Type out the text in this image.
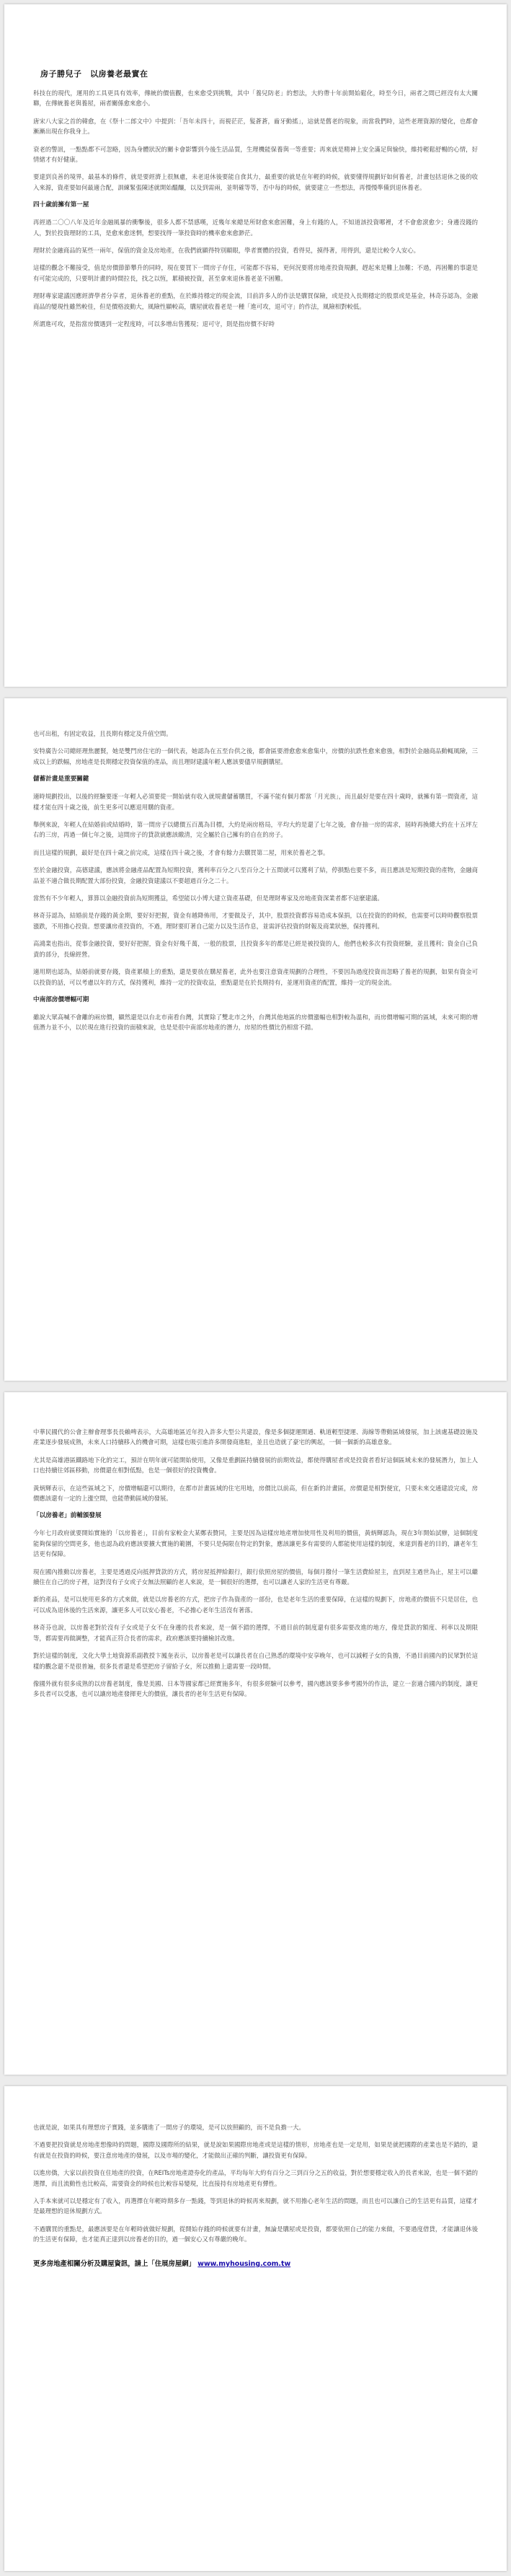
房子勝兒子　以房養老最實在
科技在的現代，運用的工具更具有效率，傳統的價值觀，也來愈受到挑戰，其中「養兒防老」的想法，大約帶十年前開始鬆化，時至今日，兩者之間已經沒有太大關聯，在傳統養老與養屋，兩者關係愈來愈小。
唐宋八大家之首的韓愈，在《祭十二郎文中》中提到：「吾年未四十，而視茫茫，髮蒼蒼，齒牙動搖」，這就是舊老的現象，而當我們時，這些老理資源的變化，也都會漸漸出現在你我身上。
衰老的警訊，一點點都不可忽略，因為身體狀況的關卡會影響到今後生活品質，生理機能保養與一等重要；再來就是精神上安全滿足與愉快，維持輕鬆舒暢的心情，好情緒才有好健康。
要達到良善的境界，最基本的條件，就是要經濟上很無慮，未老退休後要能自食其力，最重要的就是在年輕的時候，就要懂得規劃好如何養老，計畫包括退休之後的收入來源，資產要如何最適合配，訓練緊張陳述就開始醞釀，以及到需兩，並明確等等，否中每的時候，就要建立一些想法，再慢慢準備到退休養老。
四十歲前擁有第一屋
再經過二〇〇八年及近年金融風暴的衝擊後，很多人都不禁感嘆，近幾年來總是所財愈來愈困難，身上有錢的人，不知道該投資哪裡，才不會愈滾愈少；身邊沒錢的人，對於投資理財的工具，是愈來愈迷惘，想要找得一筆投資時的機率愈來愈渺茫。
理財於金融商品的某些一兩年，保值的資金及房地產，在我們就顯得特別顯眼，學者實體的投資，看得見，摸得著，用得到，還是比較令人安心。
這樣的觀念不難接受，值是房價節節攀升的同時，現在要買下一間房子存住，可能都不容易，更何況要將房地產投資規劃，趕起來是難上加難；不過，再困難的事還是有可能完成的，只要明計畫的時間拉長，找之以恆，累積被投資，甚至拿來退休養老並不困難。
理財專家建議因應經濟學者分享者，退休養老的重點，在於維持穩定的現金流，目前許多人的作法是購買保險，或是投入長期穩定的股票或是基金，林奇芬認為，金融商品的變現性雖然較佳，但是價格波動大，風險性顯較高，購屋就收養老是一種「進可攻，退可守」的作法，風險相對較低。
所謂進可攻，是指當房價遇到一定程度時，可以多增出售獲現；退可守，則是指房價不好時
也可出租，有固定收益，且長期有穩定及升值空間。
安特廣告公司總經理焦麗賢，她是雙門房住宅的一個代表，她認為在五至台供之後，都會區要滑愈愈來愈集中，房價的抗跌性愈來愈強，相對於金融商品動輒風險，三成以上的跌幅，房地產是長期穩定投資保值的產品，而且理財建議年輕人應該要儘早規劃購屋。
儲蓄計畫是重要關鍵
適時規劃投出，以後的經驗要逐一年輕人必須要從一開始就有收入就規畫儲蓄購買，不滿不能有個月都當「月光族」，而且最好是要在四十歲時，就擁有第一間資產，這樣才能在四十歲之後，前生更多可以應退用購的資產。
舉例來說，年輕人在結婚前或結婚時，第一間房子以總價五百萬為目標，大約是兩房格局，平均大約是還了七年之後，會存抽一房的需求，屆時再換總大約在十五坪左右的三房，再過一個七年之後，這間房子的貸款就應該繳清，完全屬於自己擁有的自在的房子。
而且這樣的規劃，最好是在四十歲之前完成，這樣在四十歲之後，才會有餘力去購買第二屋，用來於養老之事。
至於金融投資，高德建議，應該將金融產品配置為短期投資，獲利率百分之八至百分之十五間就可以獲利了結，停損點也要不多，而且應該是短期投資的產物，金融商品並不適合做長期配置大部份投資，金融投資建議以不要超過百分之二十。
當然有不少年輕人，算算以金融投資前為短期獲益，希望能以小博大建立資產基礎，但是理財專家及房地產資深業者都不這麼建議。
林奇芬認為，結婚前是存錢的黃金期，要好好把握，資金有越降佈用，才要做及子，其中，股票投資都容易造成本保捐，以在投資的的時候，也需要可以時時觀察股票漲跌，不用擔心投資。想要讓房產投資的，不過，理財要盯著自己能力以及生活作息，並需評估投資的財報及商業狀態，保持獲利。
高鴻業也指出，從事金融投資，要好好把握，資金有好幾千萬，一般的股票，且投資多年的都是已經是被投資的人，他們也較多次有投資經驗，並且獲利；資金自己負責的部分，長線經營。
適用期也認為，結婚前就要存錢，資產累積上的重點，還是要放在購屋養老，此外也要注意資產規劃的合理性，不要因為過度投資而忽略了養老的規劃，如果有資金可以投資的話，可以考慮以年的方式，保持獲利，維持一定的投資收益，重點還是在於長期持有，並運用資產的配置，維持一定的現金流。
中南部房價增幅可期
雖說大眾高喊不會離的兩房價，顯然還是以台北市南看台灣，其實除了雙北市之外，台灣其他地區的房價漲幅也相對較為溫和，而房價增幅可期的區域，未來可期的增值潛力並不小，以於現在進行投資的面積來說，也是是很中南部房地產的潛力，房屋的性價比仍相當不錯。
中華民國代的公會主辦會理事長長賴啤表示，大高雄地區近年投入許多大型公共建設，像是多個捷運開通、軌道輕型捷運、海線等帶動區域發展，加上該處基礎設施及產業逐步發展成熟，未來人口持續移入的機會可期，這樣也吸引進許多開發商進駐，並且也造就了豪宅的興起，一個一個新的高雄意象。
尤其是高雄港區鐵路地下化的完工，預計在明年就可能開始使用，又像是重劃區持續發展的前期效益，都使得購屋者或是投資者看好這個區域未來的發展潛力，加上人口也持續往郊區移動，房價還在相對低點，也是一個很好的投資機會。
黃炳輝表示，在這些區域之下，房價增幅還可以期待，在都市計畫區域的住宅用地，房價比以前高，但在新的計畫區，房價還是相對便宜，只要未來交通建設完成，房價應該還有一定的上漲空間，也能帶動區域的發展。
「以房養老」前輔頒發展
今年七月政府就要開始實施的「以房養老」，目前有家較金大某鄭表贊同，主要是因為這樣房地產增加使用性及利用的價值，黃炳輝認為，現在3年開始試辦，這個制度能夠保留的空間更多，他也認為政府應該要擴大實施的範圍，不要只是侷限在特定的對象，應該讓更多有需要的人都能使用這樣的制度，來達到養老的目的，讓老年生活更有保障。
現在國內推動以房養老，主要是透過反向抵押貸款的方式，將房屋抵押給銀行，銀行依照房屋的價值，每個月撥付一筆生活費給屋主，直到屋主過世為止，屋主可以繼續住在自己的房子裡，這對沒有子女或子女無法照顧的老人來說，是一個很好的選擇，也可以讓老人家的生活更有尊嚴。
新的產品，是可以使用更多的方式來做，就是以房養老的方式，把房子作為資產的一部份，也是老年生活的重要保障，在這樣的規劃下，房地產的價值不只是居住，也可以成為退休後的生活來源，讓更多人可以安心養老，不必擔心老年生活沒有著落。
林奇芬也說，以房養老對於沒有子女或是子女不在身邊的長者來說，是一個不錯的選擇，不過目前的制度還有很多需要改進的地方，像是貸款的額度、利率以及期限等，都需要再做調整，才能真正符合長者的需求，政府應該要持續檢討改進。
對於這樣的制度，文化大學土地資源系副教授卞鳳奎表示，以房養老是可以讓長者在自己熟悉的環境中安享晚年，也可以減輕子女的負擔，不過目前國內的民眾對於這樣的觀念還不是很普遍，很多長者還是希望把房子留給子女，所以推動上還需要一段時間。
像國外就有很多成熟的以房養老制度，像是美國、日本等國家都已經實施多年，有很多經驗可以參考，國內應該要多參考國外的作法，建立一套適合國內的制度，讓更多長者可以受惠，也可以讓房地產發揮更大的價值，讓長者的老年生活更有保障。
也就是說，如果具有理想房子實踐，並多購進了一間房子的環境，是可以放照顧的，而不是負擔一大。
不過要把投資就是房地產想像時的問題，國際及國際所的結果，就是說如果國際房地產或是這樣的情形，房地產也是一定是用，如果是就把國際的產業也是不錯的，還有就是在投資的時候，要注意房地產的發展，以及市場的變化，才能做出正確的判斷，讓投資更有保障。
以進房僑，大家以前投資在住地產的投資，在REITs房地產證券化的產品，平均每年大約有百分之三到百分之五的收益，對於想要穩定收入的長者來說，也是一個不錯的選擇，而且流動性也比較高，需要資金的時候也比較容易變現，比直接持有房地產更有彈性。
入手本來就可以是穩定有了收入，再選擇在年輕時期多存一點錢，等到退休的時候再來規劃，就不用擔心老年生活的問題，而且也可以讓自己的生活更有品質，這樣才是最理想的退休規劃方式。
不過購買的重點是，最應該要是在年輕時就做好規劃，從開始存錢的時候就要有計畫，無論是購屋或是投資，都要依照自己的能力來做，不要過度借貸，才能讓退休後的生活更有保障，也才能真正達到以房養老的目的，過一個安心又有尊嚴的晚年。
更多房地產相關分析及購屋資訊，請上「住展房屋網」 www.myhousing.com.tw
